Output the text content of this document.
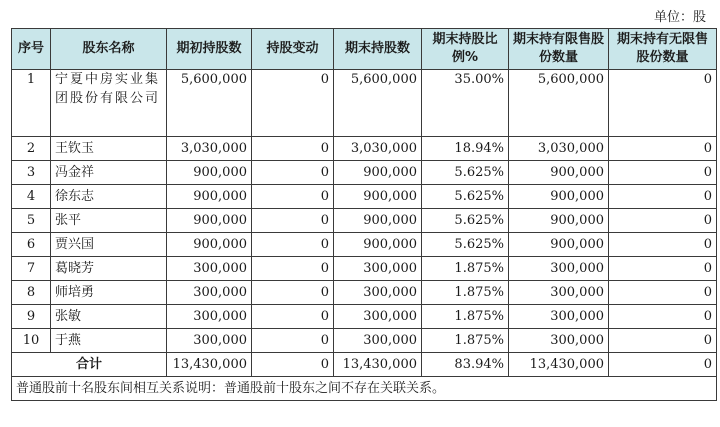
单位：股
序号	股东名称	期初持股数	持股变动	期末持股数	期末持股比例%	期末持有限售股份数量	期末持有无限售股份数量
1	宁夏中房实业集团股份有限公司	5,600,000	0	5,600,000	35.00%	5,600,000	0
2	王钦玉	3,030,000	0	3,030,000	18.94%	3,030,000	0
3	冯金祥	900,000	0	900,000	5.625%	900,000	0
4	徐东志	900,000	0	900,000	5.625%	900,000	0
5	张平	900,000	0	900,000	5.625%	900,000	0
6	贾兴国	900,000	0	900,000	5.625%	900,000	0
7	葛晓芳	300,000	0	300,000	1.875%	300,000	0
8	师培勇	300,000	0	300,000	1.875%	300,000	0
9	张敏	300,000	0	300,000	1.875%	300,000	0
10	于燕	300,000	0	300,000	1.875%	300,000	0
合计		13,430,000	0	13,430,000	83.94%	13,430,000	0
普通股前十名股东间相互关系说明：普通股前十股东之间不存在关联关系。							
